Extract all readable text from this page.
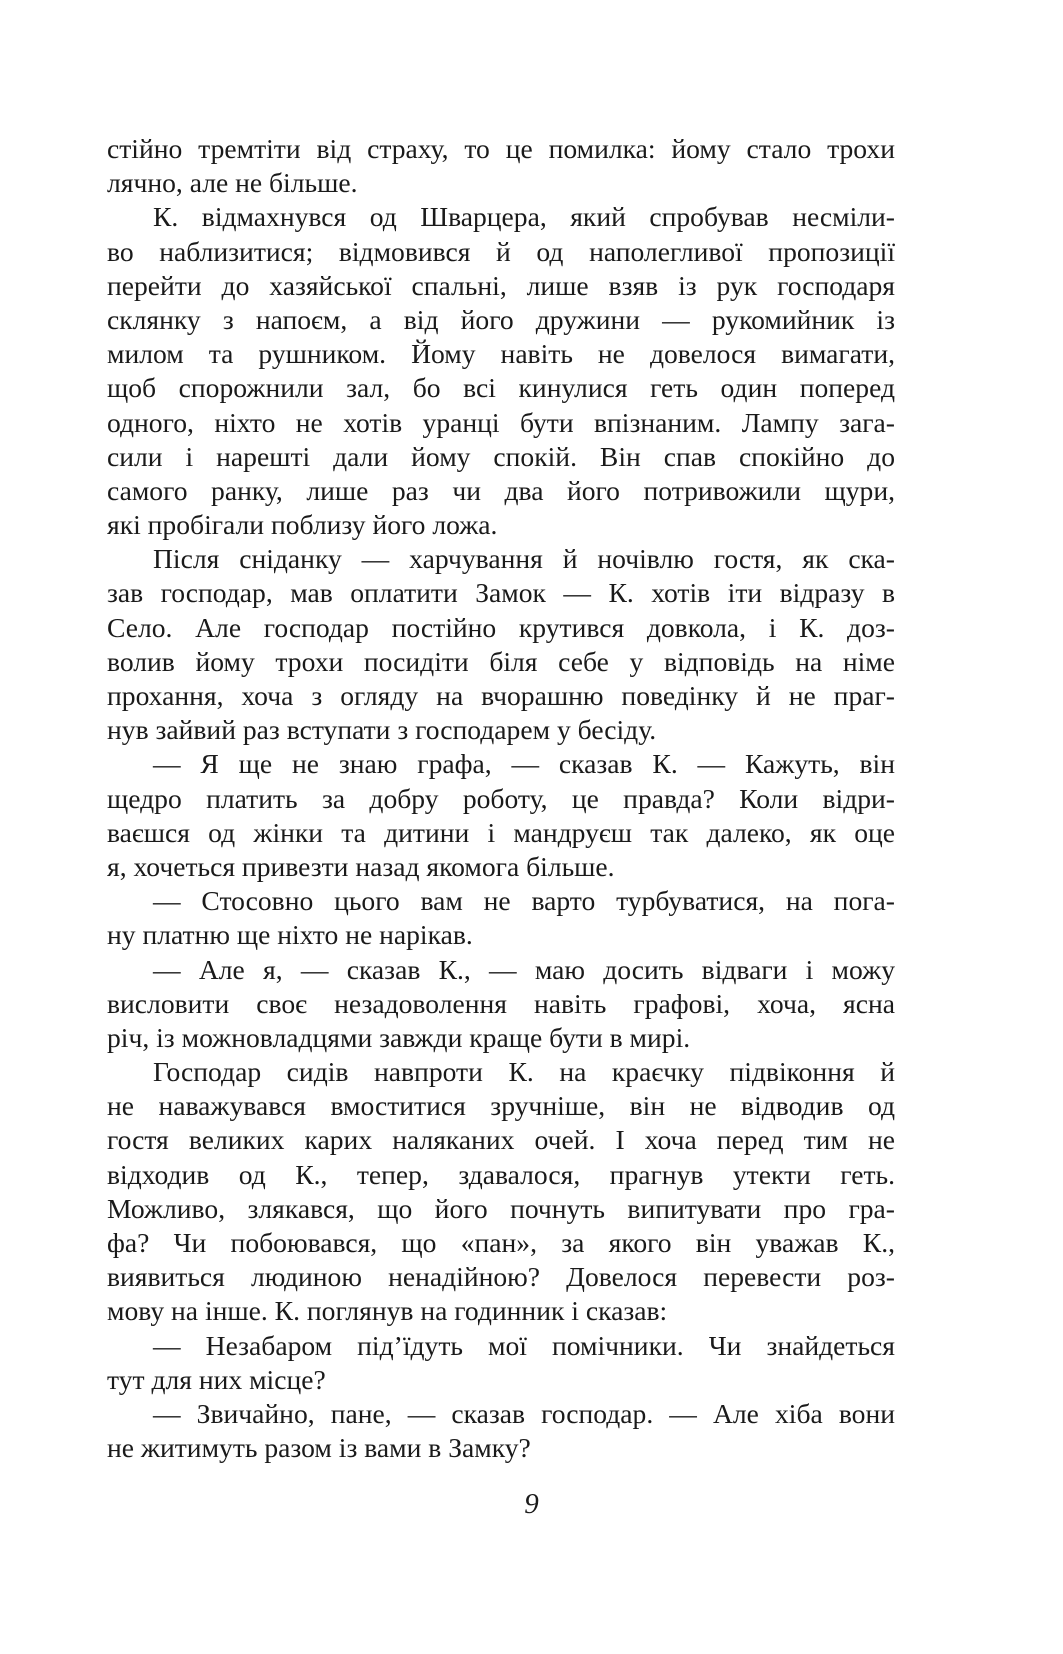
стійно тремтіти від страху, то це помилка: йому стало трохи
лячно, але не більше.
К. відмахнувся од Шварцера, який спробував несміли-
во наблизитися; відмовився й од наполегливої пропозиції
перейти до хазяйської спальні, лише взяв із рук господаря
склянку з напоєм, а від його дружини — рукомийник із
милом та рушником. Йому навіть не довелося вимагати,
щоб спорожнили зал, бо всі кинулися геть один поперед
одного, ніхто не хотів уранці бути впізнаним. Лампу зага-
сили і нарешті дали йому спокій. Він спав спокійно до
самого ранку, лише раз чи два його потривожили щури,
які пробігали поблизу його ложа.
Після сніданку — харчування й ночівлю гостя, як ска-
зав господар, мав оплатити Замок — К. хотів іти відразу в
Село. Але господар постійно крутився довкола, і К. доз-
волив йому трохи посидіти біля себе у відповідь на німе
прохання, хоча з огляду на вчорашню поведінку й не праг-
нув зайвий раз вступати з господарем у бесіду.
— Я ще не знаю графа, — сказав К. — Кажуть, він
щедро платить за добру роботу, це правда? Коли відри-
ваєшся од жінки та дитини і мандруєш так далеко, як оце
я, хочеться привезти назад якомога більше.
— Стосовно цього вам не варто турбуватися, на пога-
ну платню ще ніхто не нарікав.
— Але я, — сказав К., — маю досить відваги і можу
висловити своє незадоволення навіть графові, хоча, ясна
річ, із можновладцями завжди краще бути в мирі.
Господар сидів навпроти К. на краєчку підвіконня й
не наважувався вмоститися зручніше, він не відводив од
гостя великих карих наляканих очей. І хоча перед тим не
відходив од К., тепер, здавалося, прагнув утекти геть.
Можливо, злякався, що його почнуть випитувати про гра-
фа? Чи побоювався, що «пан», за якого він уважав К.,
виявиться людиною ненадійною? Довелося перевести роз-
мову на інше. К. поглянув на годинник і сказав:
— Незабаром під’їдуть мої помічники. Чи знайдеться
тут для них місце?
— Звичайно, пане, — сказав господар. — Але хіба вони
не житимуть разом із вами в Замку?
9
